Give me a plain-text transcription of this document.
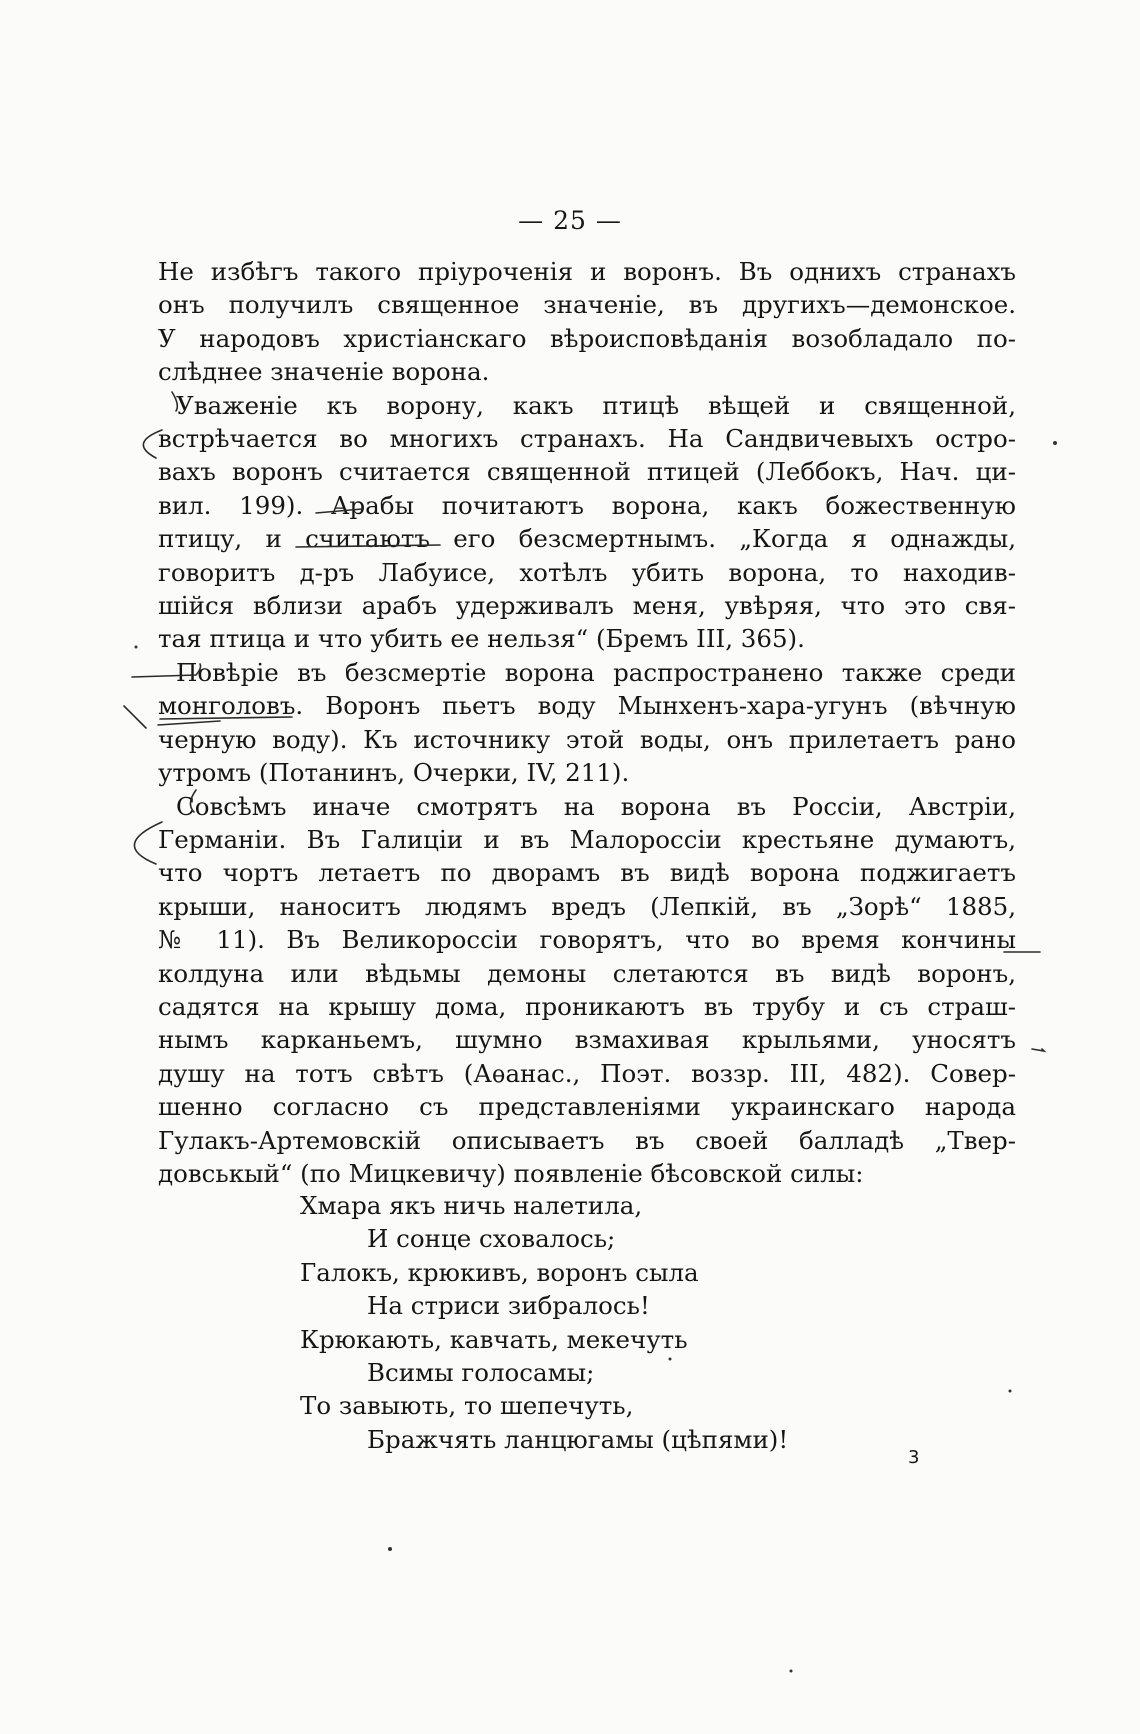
— 25 —
Не избѣгъ такого пріуроченія и воронъ. Въ однихъ странахъ
онъ получилъ священное значеніе, въ другихъ—демонское.
У народовъ христіанскаго вѣроисповѣданія возобладало по-
слѣднее значеніе ворона.
Уваженіе къ ворону, какъ птицѣ вѣщей и священной,
встрѣчается во многихъ странахъ. На Сандвичевыхъ остро-
вахъ воронъ считается священной птицей (Леббокъ, Нач. ци-
вил. 199). Арабы почитаютъ ворона, какъ божественную
птицу, и считаютъ его безсмертнымъ. „Когда я однажды,
говоритъ д-ръ Лабуисе, хотѣлъ убить ворона, то находив-
шійся вблизи арабъ удерживалъ меня, увѣряя, что это свя-
тая птица и что убить ее нельзя“ (Бремъ III, 365).
Повѣріе въ безсмертіе ворона распространено также среди
монголовъ. Воронъ пьетъ воду Мынхенъ-хара-угунъ (вѣчную
черную воду). Къ источнику этой воды, онъ прилетаетъ рано
утромъ (Потанинъ, Очерки, IV, 211).
Совсѣмъ иначе смотрятъ на ворона въ Россіи, Австріи,
Германіи. Въ Галиціи и въ Малороссіи крестьяне думаютъ,
что чортъ летаетъ по дворамъ въ видѣ ворона поджигаетъ
крыши, наноситъ людямъ вредъ (Лепкій, въ „Зорѣ“ 1885,
№ 11). Въ Великороссіи говорятъ, что во время кончины
колдуна или вѣдьмы демоны слетаются въ видѣ воронъ,
садятся на крышу дома, проникаютъ въ трубу и съ страш-
нымъ карканьемъ, шумно взмахивая крыльями, уносятъ
душу на тотъ свѣтъ (Аѳанас., Поэт. воззр. III, 482). Совер-
шенно согласно съ представленіями украинскаго народа
Гулакъ-Артемовскій описываетъ въ своей балладѣ „Твер-
довськый“ (по Мицкевичу) появленіе бѣсовской силы:
Хмара якъ ничь налетила,
И сонце сховалось;
Галокъ, крюкивъ, воронъ сыла
На стриси зибралось!
Крюкають, кавчать, мекечуть
Всимы голосамы;
То завыють, то шепечуть,
Бражчять ланцюгамы (цѣпями)!
3
